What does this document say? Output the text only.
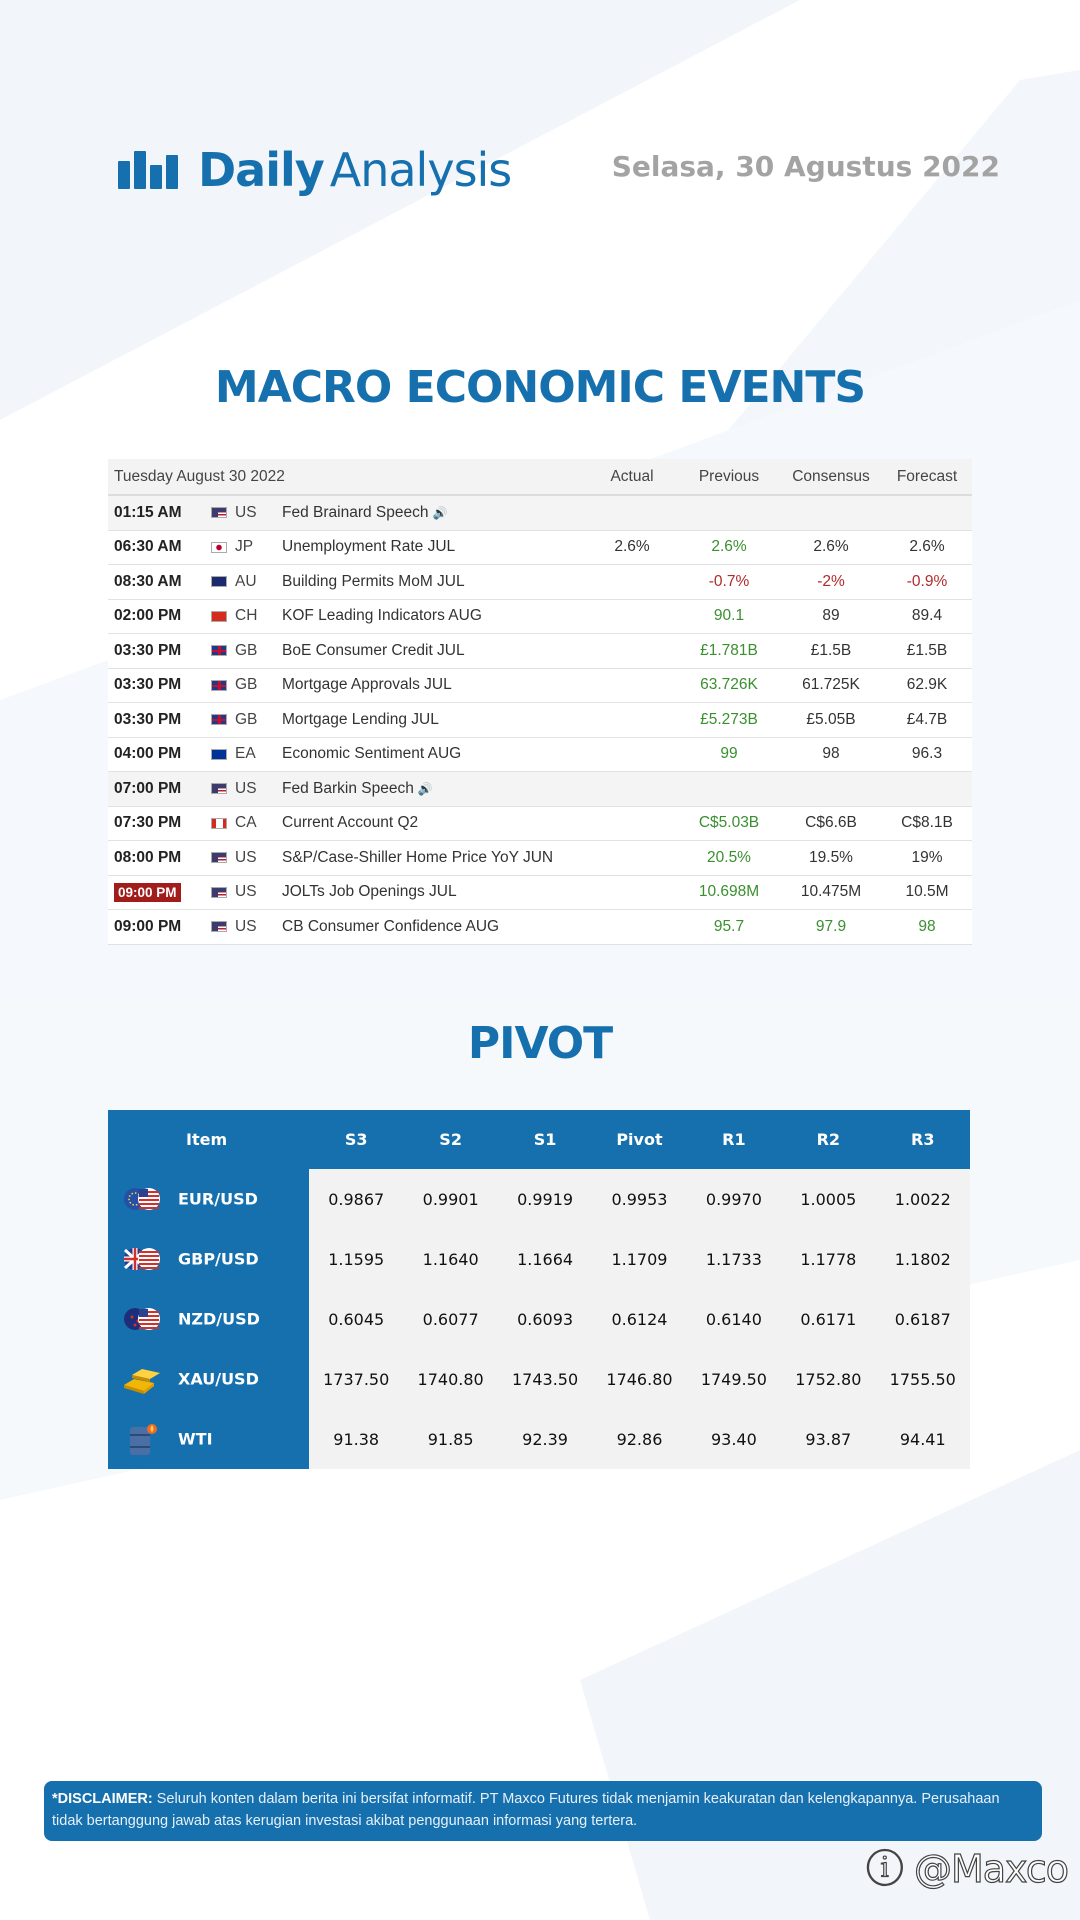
Daily Analysis	Selasa, 30 Agustus 2022
MACRO ECONOMIC EVENTS
Tuesday August 30 2022				Actual	Previous	Consensus	Forecast
01:15 AM		US	Fed Brainard Speech 🔊				
06:30 AM		JP	Unemployment Rate JUL	2.6%	2.6%	2.6%	2.6%
08:30 AM		AU	Building Permits MoM JUL		-0.7%	-2%	-0.9%
02:00 PM		CH	KOF Leading Indicators AUG		90.1	89	89.4
03:30 PM		GB	BoE Consumer Credit JUL		£1.781B	£1.5B	£1.5B
03:30 PM		GB	Mortgage Approvals JUL		63.726K	61.725K	62.9K
03:30 PM		GB	Mortgage Lending JUL		£5.273B	£5.05B	£4.7B
04:00 PM		EA	Economic Sentiment AUG		99	98	96.3
07:00 PM		US	Fed Barkin Speech 🔊				
07:30 PM		CA	Current Account Q2		C$5.03B	C$6.6B	C$8.1B
08:00 PM		US	S&P/Case-Shiller Home Price YoY JUN		20.5%	19.5%	19%
09:00 PM		US	JOLTs Job Openings JUL		10.698M	10.475M	10.5M
09:00 PM		US	CB Consumer Confidence AUG		95.7	97.9	98
PIVOT
Item	S3	S2	S1	Pivot	R1	R2	R3
EUR/USD	0.9867	0.9901	0.9919	0.9953	0.9970	1.0005	1.0022
GBP/USD	1.1595	1.1640	1.1664	1.1709	1.1733	1.1778	1.1802
NZD/USD	0.6045	0.6077	0.6093	0.6124	0.6140	0.6171	0.6187
XAU/USD	1737.50	1740.80	1743.50	1746.80	1749.50	1752.80	1755.50
WTI	91.38	91.85	92.39	92.86	93.40	93.87	94.41
*DISCLAIMER: Seluruh konten dalam berita ini bersifat informatif. PT Maxco Futures tidak menjamin keakuratan dan kelengkapannya. Perusahaan tidak bertanggung jawab atas kerugian investasi akibat penggunaan informasi yang tertera.
ⓘ @Maxco
